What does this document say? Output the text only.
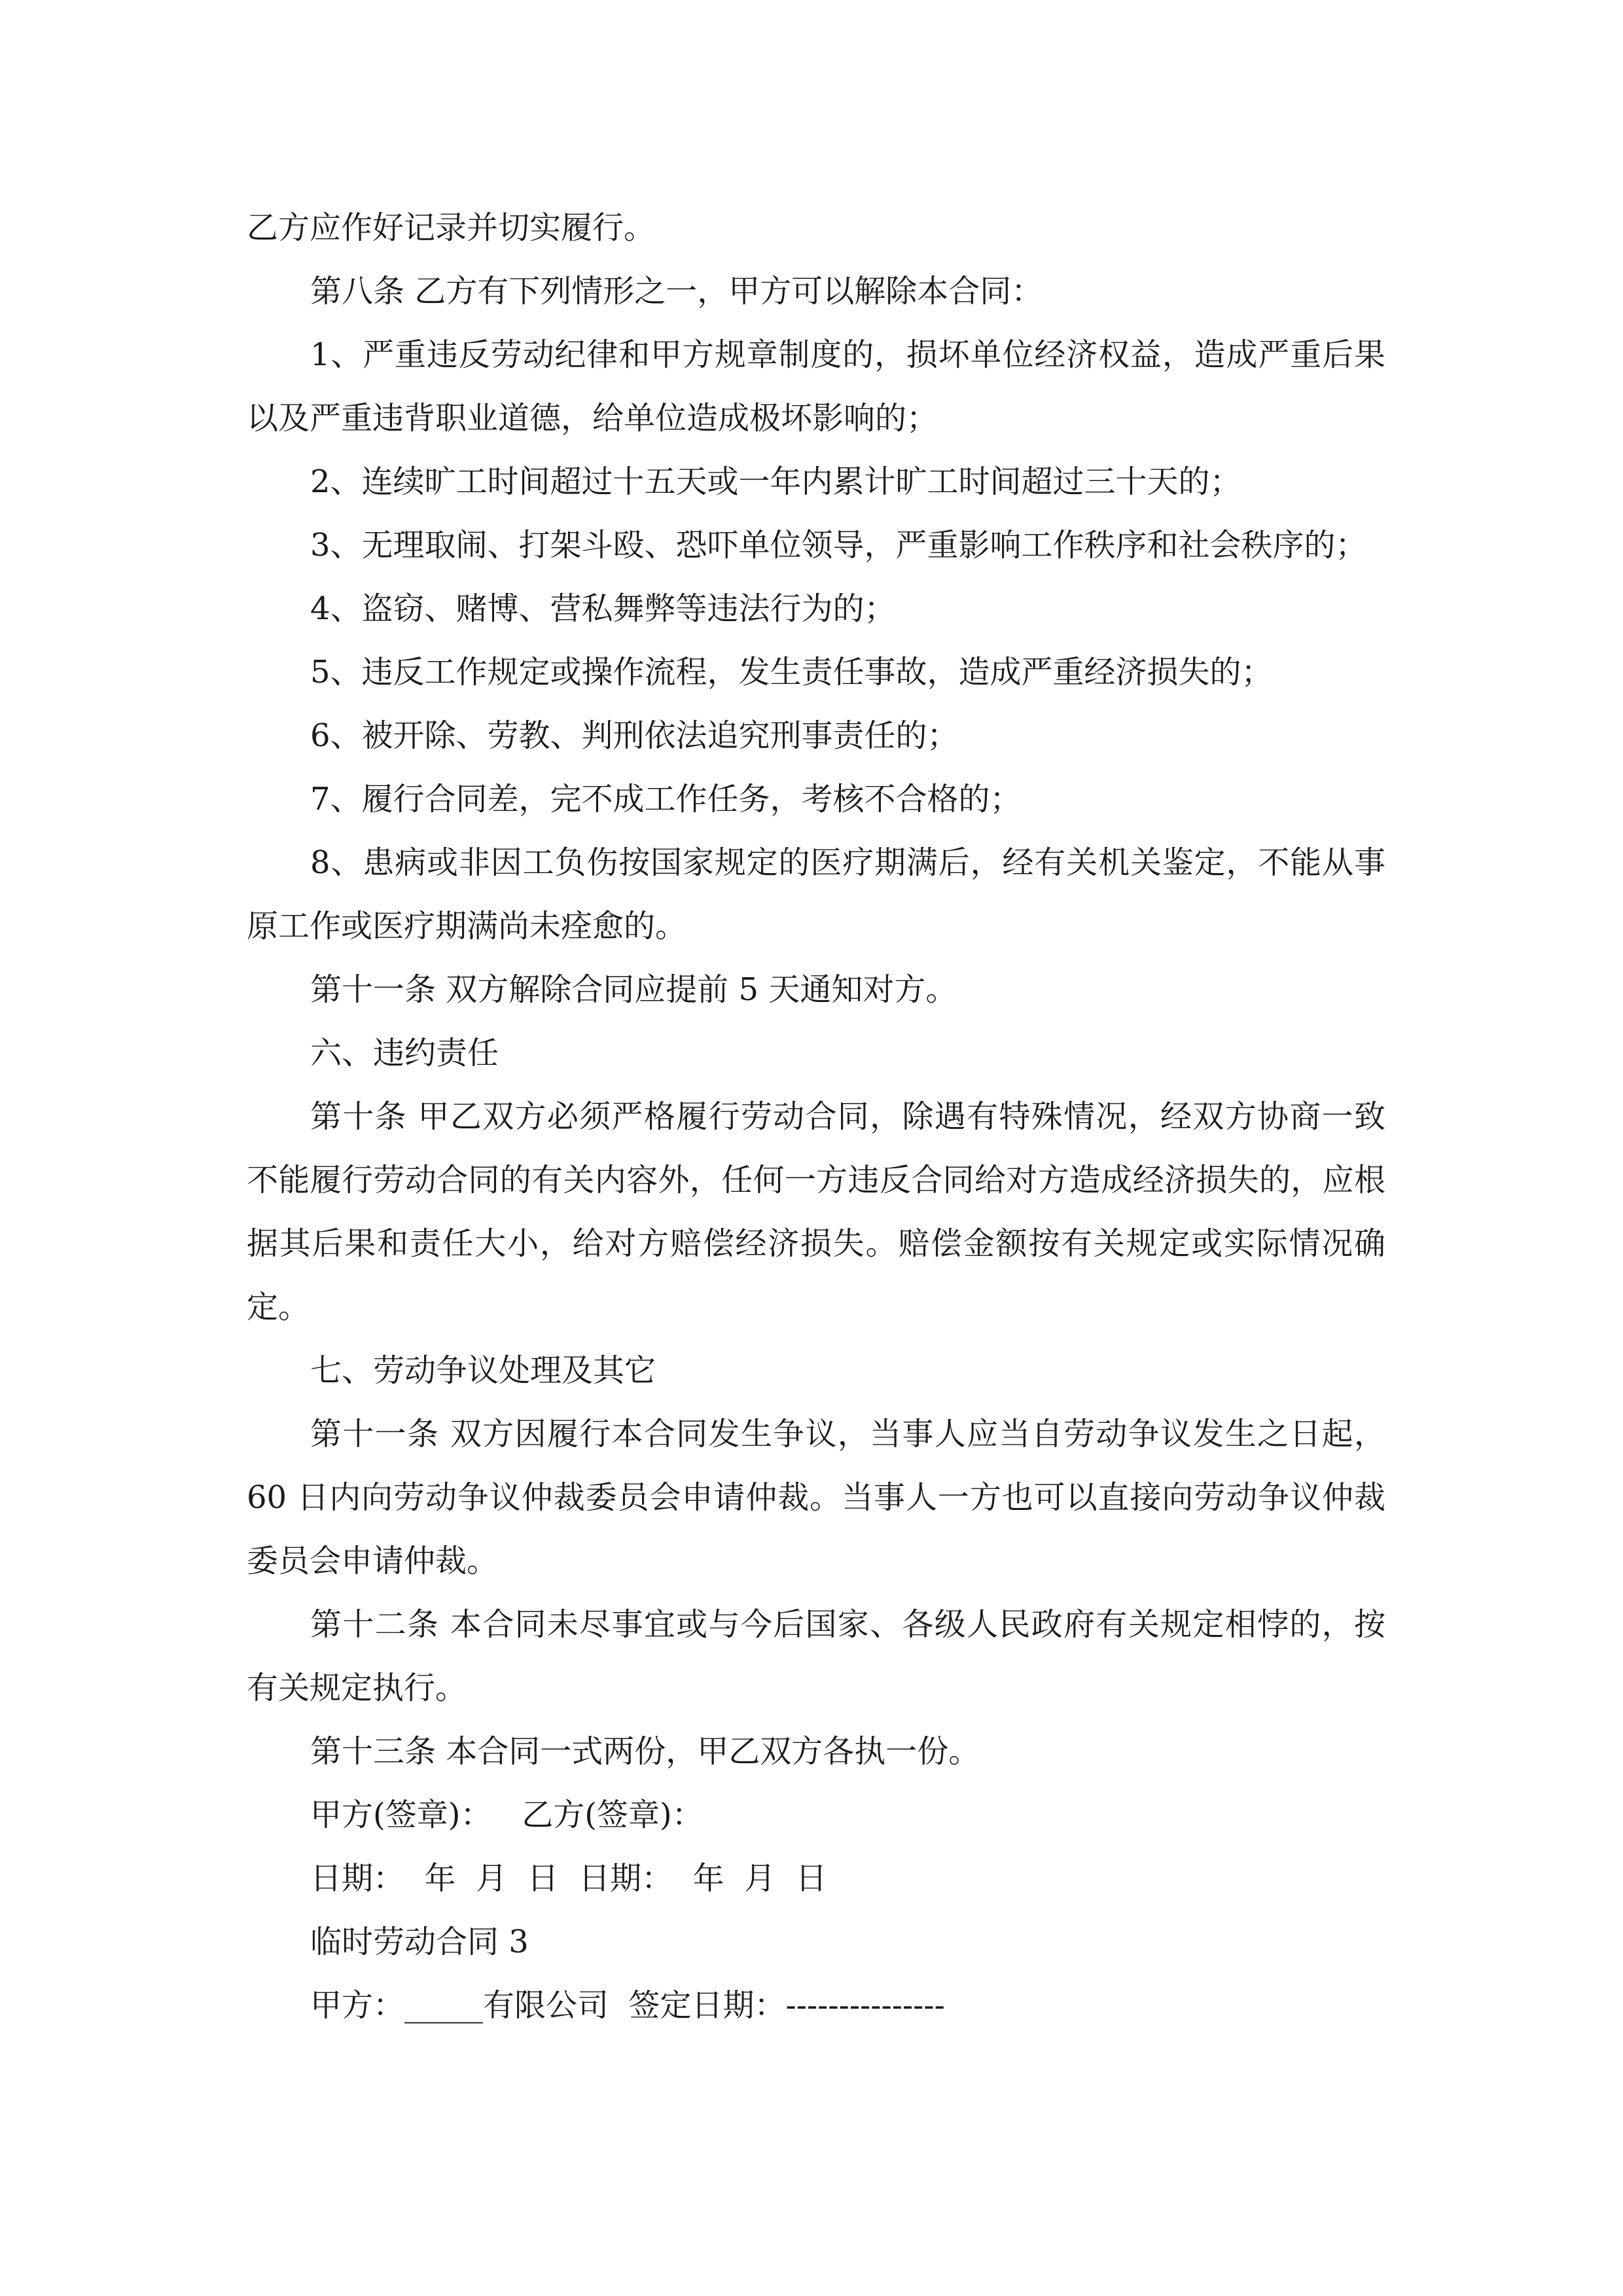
乙方应作好记录并切实履行。

第八条 乙方有下列情形之一，甲方可以解除本合同：

1、严重违反劳动纪律和甲方规章制度的，损坏单位经济权益，造成严重后果以及严重违背职业道德，给单位造成极坏影响的；

2、连续旷工时间超过十五天或一年内累计旷工时间超过三十天的；

3、无理取闹、打架斗殴、恐吓单位领导，严重影响工作秩序和社会秩序的；

4、盗窃、赌博、营私舞弊等违法行为的；

5、违反工作规定或操作流程，发生责任事故，造成严重经济损失的；

6、被开除、劳教、判刑依法追究刑事责任的；

7、履行合同差，完不成工作任务，考核不合格的；

8、患病或非因工负伤按国家规定的医疗期满后，经有关机关鉴定，不能从事原工作或医疗期满尚未痊愈的。

第十一条 双方解除合同应提前 5 天通知对方。

六、违约责任

第十条 甲乙双方必须严格履行劳动合同，除遇有特殊情况，经双方协商一致不能履行劳动合同的有关内容外，任何一方违反合同给对方造成经济损失的，应根据其后果和责任大小，给对方赔偿经济损失。赔偿金额按有关规定或实际情况确定。

七、劳动争议处理及其它

第十一条 双方因履行本合同发生争议，当事人应当自劳动争议发生之日起，60 日内向劳动争议仲裁委员会申请仲裁。当事人一方也可以直接向劳动争议仲裁委员会申请仲裁。

第十二条 本合同未尽事宜或与今后国家、各级人民政府有关规定相悖的，按有关规定执行。

第十三条 本合同一式两份，甲乙双方各执一份。

甲方(签章)：   乙方(签章)：

日期：  年  月  日  日期：  年  月  日

临时劳动合同 3

甲方：_____有限公司  签定日期：---------------
